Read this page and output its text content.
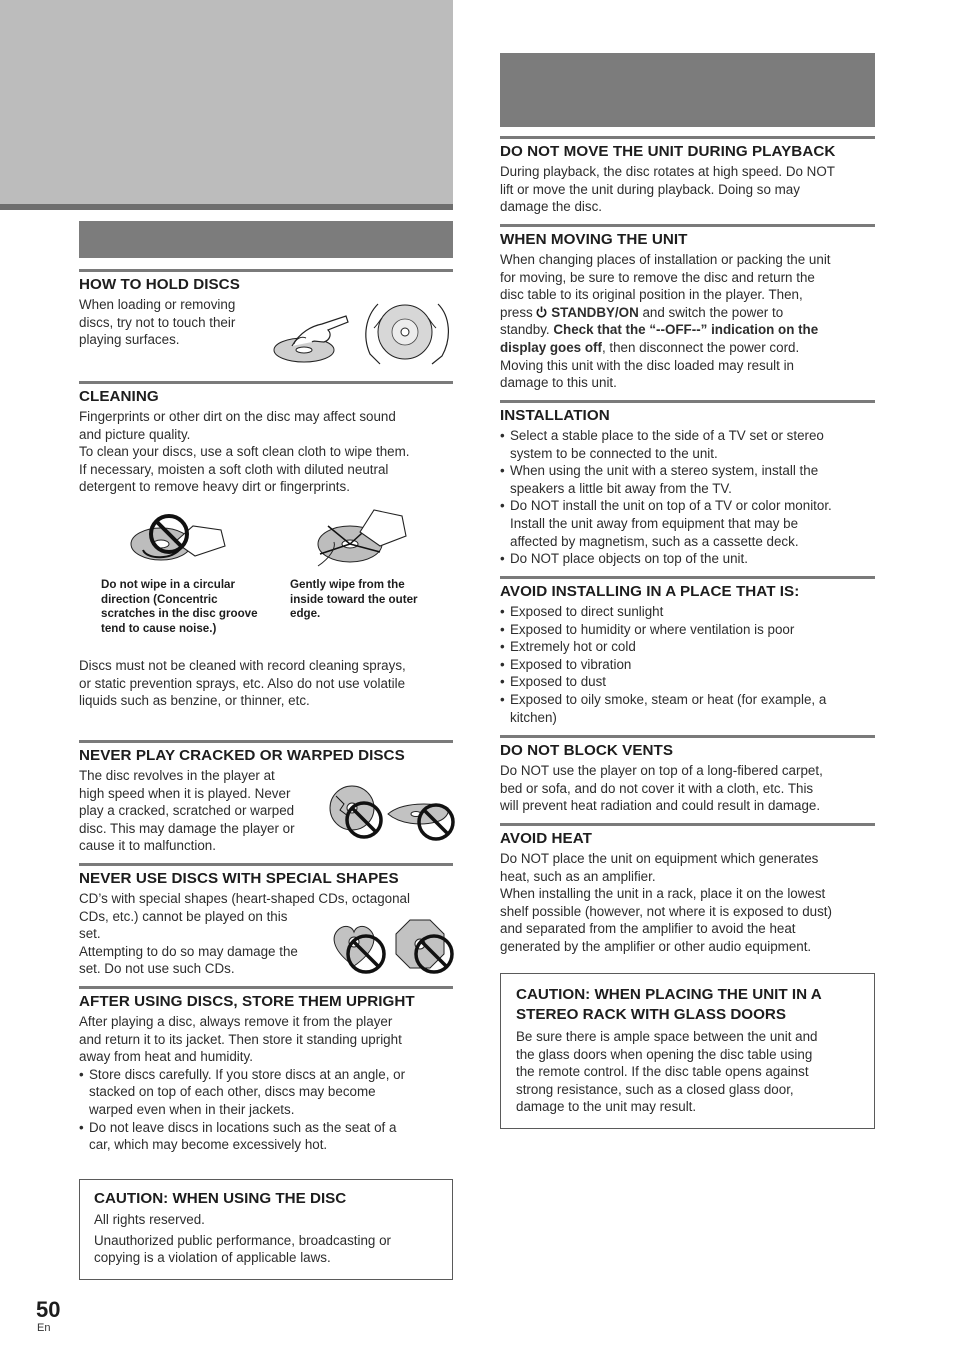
HOW TO HOLD DISCS

When loading or removing

discs, try not to touch their

playing surfaces.

CLEANING

Fingerprints or other dirt on the disc may affect sound

and picture quality.

To clean your discs, use a soft clean cloth to wipe them.

If necessary, moisten a soft cloth with diluted neutral

detergent to remove heavy dirt or fingerprints.

Do not wipe in a circular
direction (Concentric
scratches in the disc groove
tend to cause noise.)
Gently wipe from the
inside toward the outer
edge.

Discs must not be cleaned with record cleaning sprays,

or static prevention sprays, etc. Also do not use volatile

liquids such as benzine, or thinner, etc.

NEVER PLAY CRACKED OR WARPED DISCS

The disc revolves in the player at

high speed when it is played. Never

play a cracked, scratched or warped

disc. This may damage the player or

cause it to malfunction.

NEVER USE DISCS WITH SPECIAL SHAPES

CD’s with special shapes (heart-shaped CDs, octagonal

CDs, etc.) cannot be played on this

set.

Attempting to do so may damage the

set. Do not use such CDs.

AFTER USING DISCS, STORE THEM UPRIGHT

After playing a disc, always remove it from the player

and return it to its jacket. Then store it standing upright

away from heat and humidity.

• Store discs carefully. If you store discs at an angle, or
stacked on top of each other, discs may become
warped even when in their jackets.
• Do not leave discs in locations such as the seat of a
car, which may become excessively hot.
CAUTION: WHEN USING THE DISC

All rights reserved.

Unauthorized public performance, broadcasting or

copying is a violation of applicable laws.

DO NOT MOVE THE UNIT DURING PLAYBACK

During playback, the disc rotates at high speed. Do NOT

lift or move the unit during playback. Doing so may

damage the disc.

WHEN MOVING THE UNIT

When changing places of installation or packing the unit

for moving, be sure to remove the disc and return the

disc table to its original position in the player. Then,

press  STANDBY/ON and switch the power to

standby. Check that the “--OFF--” indication on the

display goes off, then disconnect the power cord.

Moving this unit with the disc loaded may result in

damage to this unit.

INSTALLATION
• Select a stable place to the side of a TV set or stereo
system to be connected to the unit.
• When using the unit with a stereo system, install the
speakers a little bit away from the TV.
• Do NOT install the unit on top of a TV or color monitor.
Install the unit away from equipment that may be
affected by magnetism, such as a cassette deck.
• Do NOT place objects on top of the unit.
AVOID INSTALLING IN A PLACE THAT IS:
• Exposed to direct sunlight
• Exposed to humidity or where ventilation is poor
• Extremely hot or cold
• Exposed to vibration
• Exposed to dust
• Exposed to oily smoke, steam or heat (for example, a
kitchen)
DO NOT BLOCK VENTS

Do NOT use the player on top of a long-fibered carpet,

bed or sofa, and do not cover it with a cloth, etc. This

will prevent heat radiation and could result in damage.

AVOID HEAT

Do NOT place the unit on equipment which generates

heat, such as an amplifier.

When installing the unit in a rack, place it on the lowest

shelf possible (however, not where it is exposed to dust)

and separated from the amplifier to avoid the heat

generated by the amplifier or other audio equipment.

CAUTION: WHEN PLACING THE UNIT IN A
STEREO RACK WITH GLASS DOORS

Be sure there is ample space between the unit and

the glass doors when opening the disc table using

the remote control. If the disc table opens against

strong resistance, such as a closed glass door,

damage to the unit may result.

50
En
